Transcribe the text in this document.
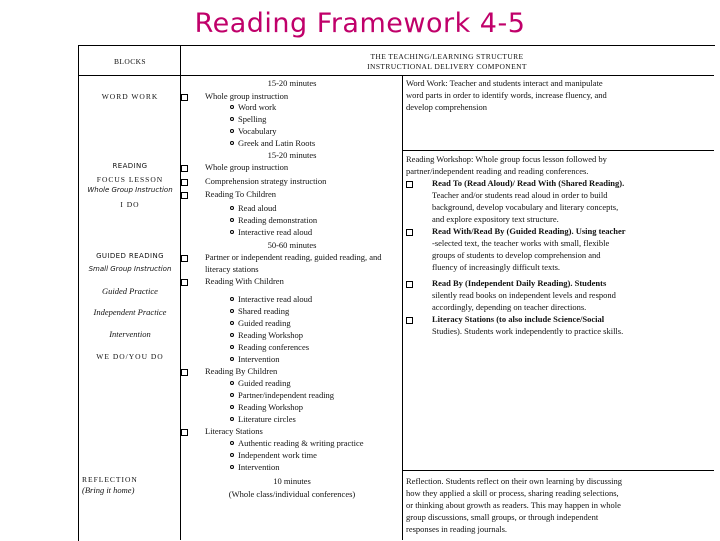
Reading Framework 4-5
BLOCKS
THE TEACHING/LEARNING STRUCTURE
INSTRUCTIONAL DELIVERY COMPONENT
WORD WORK
READING
FOCUS LESSON
Whole Group Instruction
I DO
GUIDED READING
Small Group Instruction
Guided Practice
Independent Practice
Intervention
WE DO/YOU DO
REFLECTION
(Bring it home)
15-20 minutes
Whole group instruction
Word work
Spelling
Vocabulary
Greek and Latin Roots
15-20 minutes
Whole group instruction
Comprehension strategy instruction
Reading To Children
Read aloud
Reading demonstration
Interactive read aloud
50-60 minutes
Partner or independent reading, guided reading, and
literacy stations
Reading With Children
Interactive read aloud
Shared reading
Guided reading
Reading Workshop
Reading conferences
Intervention
Reading By Children
Guided reading
Partner/independent reading
Reading Workshop
Literature circles
Literacy Stations
Authentic reading & writing practice
Independent work time
Intervention
10 minutes
(Whole class/individual conferences)
Word Work: Teacher and students interact and manipulate
word parts in order to identify words, increase fluency, and
develop comprehension
Reading Workshop: Whole group focus lesson followed by
partner/independent reading and reading conferences.
Read To (Read Aloud)/ Read With (Shared Reading).
Teacher and/or students read aloud in order to build
background, develop vocabulary and literary concepts,
and explore expository text structure.
Read With/Read By (Guided Reading). Using teacher
-selected text, the teacher works with small, flexible
groups of students to develop comprehension and
fluency of increasingly difficult texts.
Read By (Independent Daily Reading). Students
silently read books on independent levels and respond
accordingly, depending on teacher directions.
Literacy Stations (to also include Science/Social
Studies). Students work independently to practice skills.
Reflection. Students reflect on their own learning by discussing
how they applied a skill or process, sharing reading selections,
or thinking about growth as readers. This may happen in whole
group discussions, small groups, or through independent
responses in reading journals.
